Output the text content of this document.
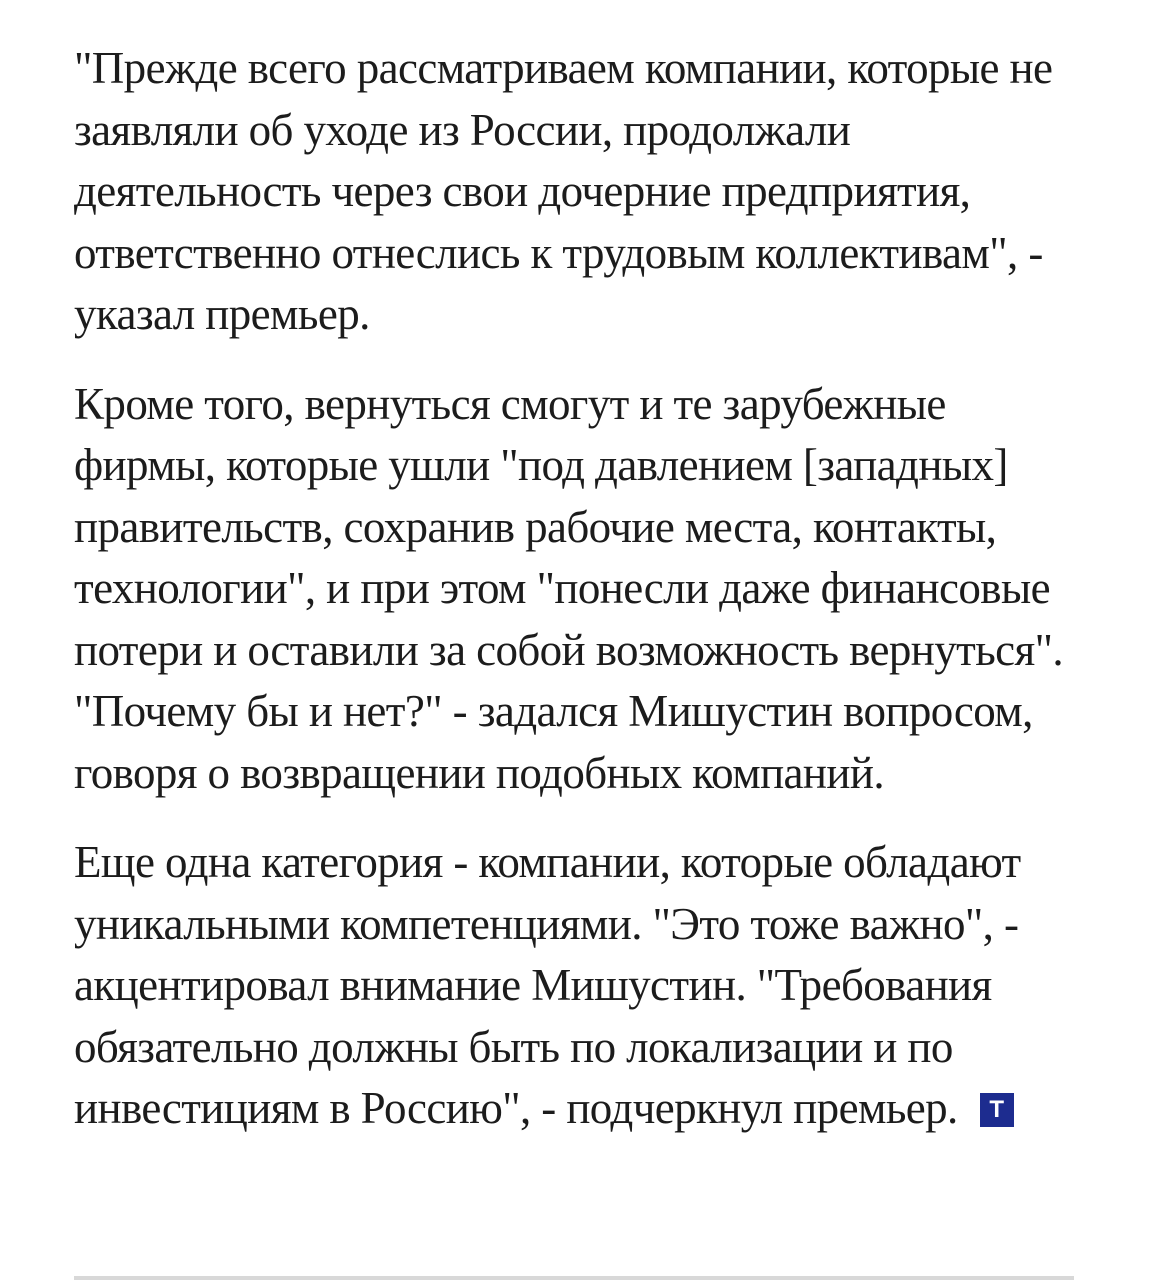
"Прежде всего рассматриваем компании, которые не заявляли об уходе из России, продолжали деятельность через свои дочерние предприятия, ответственно отнеслись к трудовым коллективам", - указал премьер.

Кроме того, вернуться смогут и те зарубежные фирмы, которые ушли "под давлением [западных] правительств, сохранив рабочие места, контакты, технологии", и при этом "понесли даже финансовые потери и оставили за собой возможность вернуться". "Почему бы и нет?" - задался Мишустин вопросом, говоря о возвращении подобных компаний.

Еще одна категория - компании, которые обладают уникальными компетенциями. "Это тоже важно", - акцентировал внимание Мишустин. "Требования обязательно должны быть по локализации и по инвестициям в Россию", - подчеркнул премьер. T
